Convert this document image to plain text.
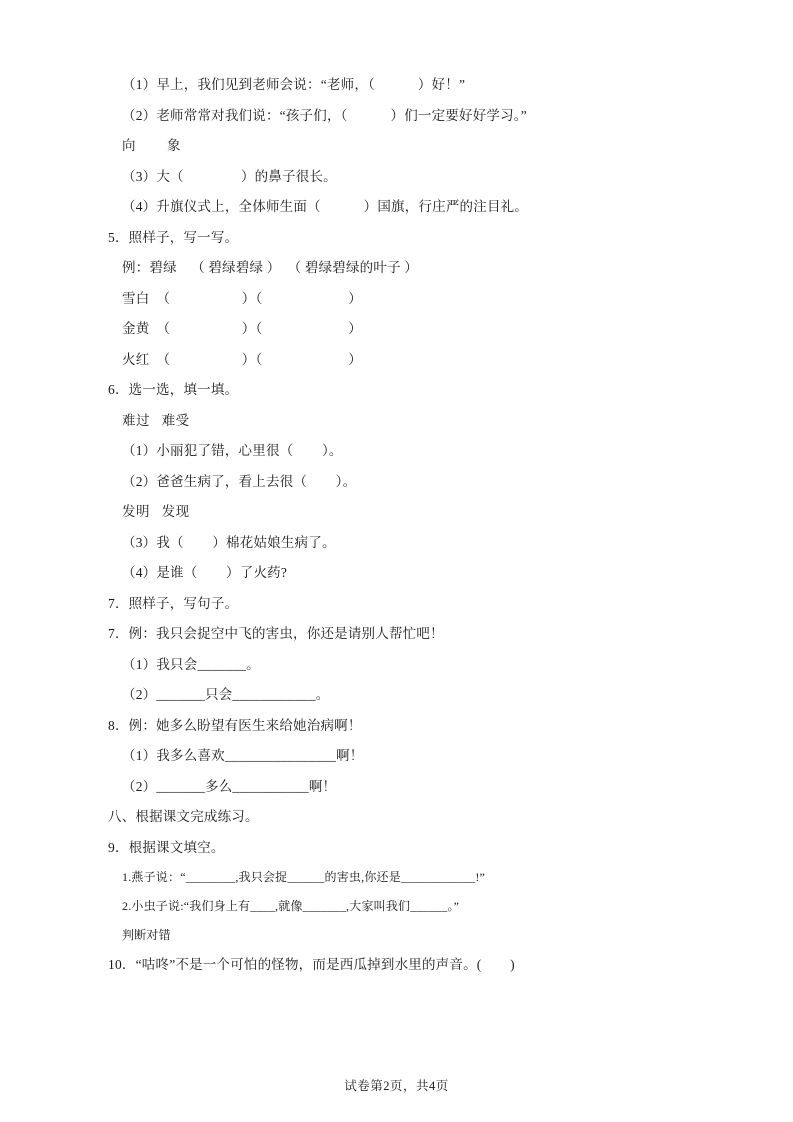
（1）早上，我们见到老师会说：“老师，（            ）好！”
（2）老师常常对我们说：“孩子们，（            ）们一定要好好学习。”
向        象
（3）大（                ）的鼻子很长。
（4）升旗仪式上，全体师生面（            ）国旗，行庄严的注目礼。
5．照样子，写一写。
例：碧绿    （ 碧绿碧绿 ）  （ 碧绿碧绿的叶子 ）
雪白  （                    ）（                        ）
金黄  （                    ）（                        ）
火红  （                    ）（                        ）
6．选一选，填一填。
难过   难受
（1）小丽犯了错，心里很（        ）。
（2）爸爸生病了，看上去很（        ）。
发明   发现
（3）我（        ）棉花姑娘生病了。
（4）是谁（        ）了火药?
7．照样子，写句子。
7．例：我只会捉空中飞的害虫，你还是请别人帮忙吧！
（1）我只会_______。
（2）_______只会____________。
8．例：她多么盼望有医生来给她治病啊！
（1）我多么喜欢________________啊！
（2）_______多么___________啊！
八、根据课文完成练习。
9．根据课文填空。
1.燕子说：“________,我只会捉______的害虫,你还是____________!”
2.小虫子说:“我们身上有____,就像_______,大家叫我们______。”
判断对错
10．“咕咚”不是一个可怕的怪物，而是西瓜掉到水里的声音。(        )
试卷第2页，共4页
